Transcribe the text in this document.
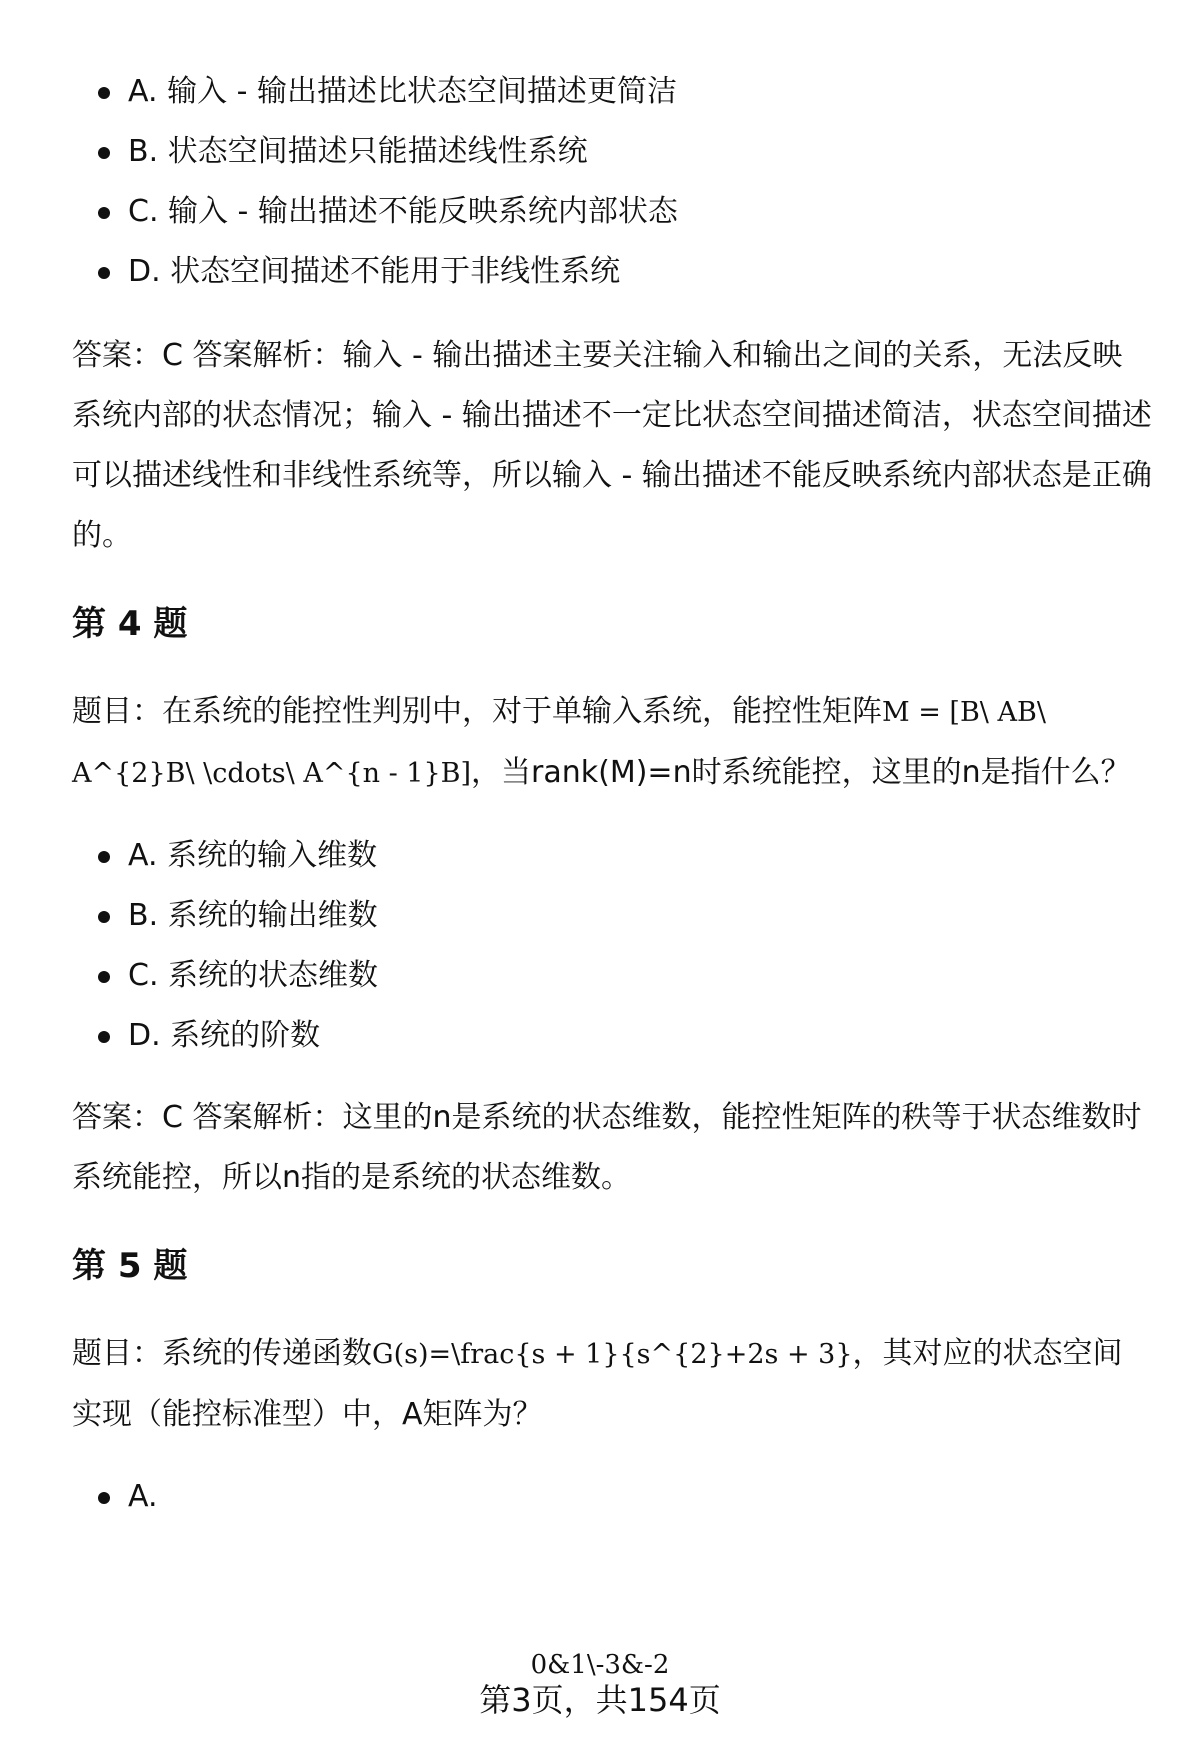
A. 输入 - 输出描述比状态空间描述更简洁
B. 状态空间描述只能描述线性系统
C. 输入 - 输出描述不能反映系统内部状态
D. 状态空间描述不能用于非线性系统

答案：C 答案解析：输入 - 输出描述主要关注输入和输出之间的关系，无法反映系统内部的状态情况；输入 - 输出描述不一定比状态空间描述简洁，状态空间描述可以描述线性和非线性系统等，所以输入 - 输出描述不能反映系统内部状态是正确的。

第 4 题

题目：在系统的能控性判别中，对于单输入系统，能控性矩阵M = [B\ AB\ A^{2}B\ \cdots\ A^{n - 1}B]，当rank(M)=n时系统能控，这里的n是指什么？

A. 系统的输入维数
B. 系统的输出维数
C. 系统的状态维数
D. 系统的阶数

答案：C 答案解析：这里的n是系统的状态维数，能控性矩阵的秩等于状态维数时系统能控，所以n指的是系统的状态维数。

第 5 题

题目：系统的传递函数G(s)=\frac{s + 1}{s^{2}+2s + 3}，其对应的状态空间实现（能控标准型）中，A矩阵为？

A.
0&1\-3&-2
第3页，共154页
